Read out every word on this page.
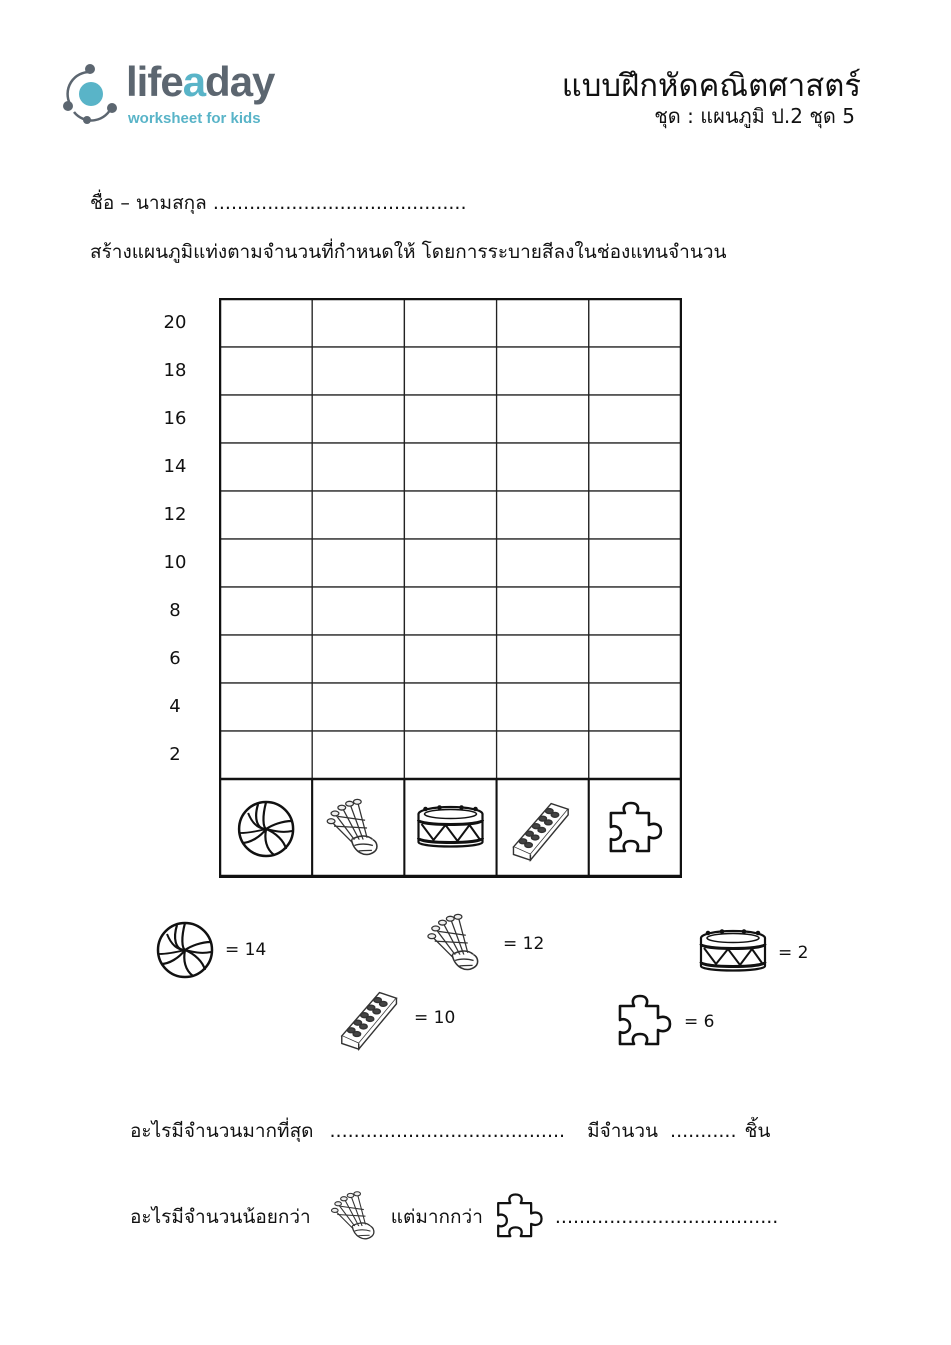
lifeaday
worksheet for kids
แบบฝึกหัดคณิตศาสตร์
ชุด : แผนภูมิ ป.2 ชุด 5
ชื่อ – นามสกุล ..........................................
สร้างแผนภูมิแท่งตามจำนวนที่กำหนดให้ โดยการระบายสีลงในช่องแทนจำนวน
20
18
16
14
12
10
8
6
4
2
= 14	= 12	= 2
= 10	= 6
อะไรมีจำนวนมากที่สุด ....................................... มีจำนวน ........... ชิ้น
อะไรมีจำนวนน้อยกว่า	แต่มากกว่า	.....................................
